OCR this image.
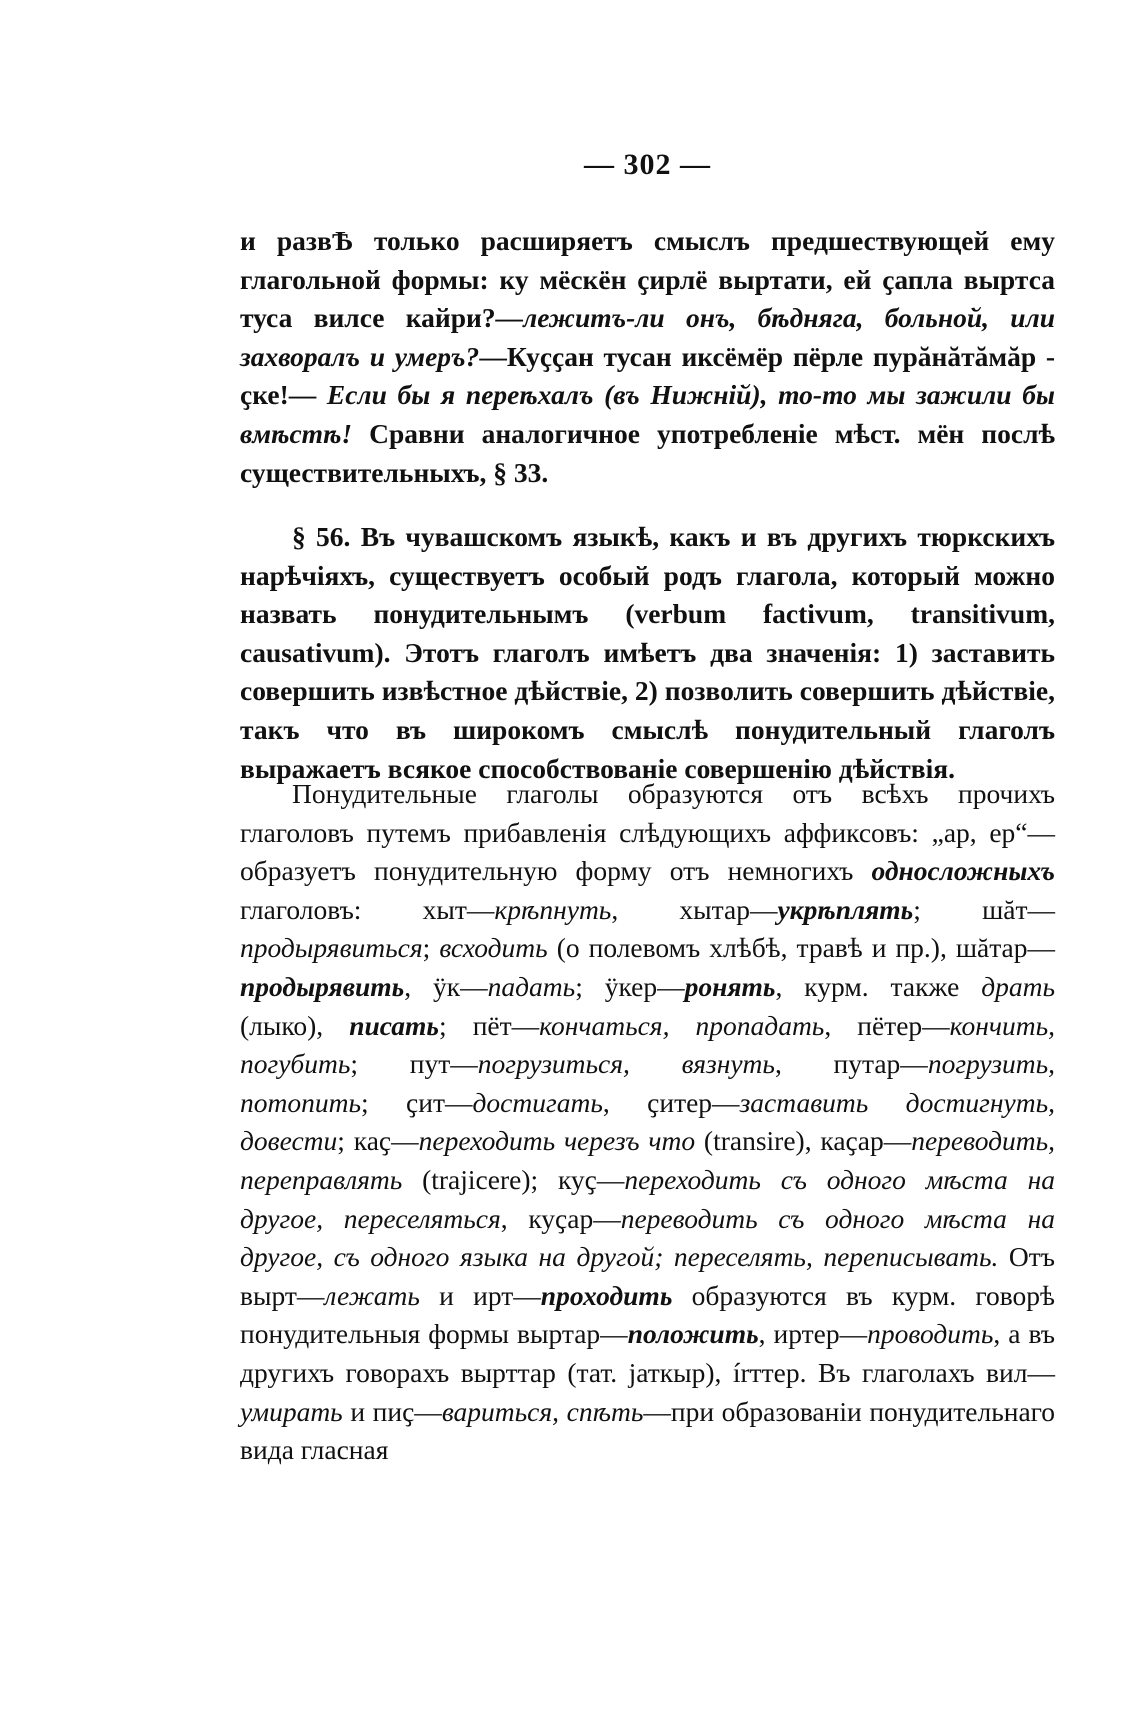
— 302 —

и развѢ только расширяетъ смыслъ предшествующей ему глагольной формы: ку мёскён ҫирлё выртати, ей ҫапла выртса туса вилсе кайри?—лежитъ-ли онъ, бѣдняга, больной, или захворалъ и умеръ?—Куҫҫан тусан иксёмёр пёрле пурăнăтăмăр - ҫке!— Если бы я переѣхалъ (въ Нижній), то-то мы зажили бы вмѣстѣ! Сравни аналогичное употребленіе мѣст. мён послѣ существительныхъ, § 33.

§ 56. Въ чувашскомъ языкѣ, какъ и въ другихъ тюркскихъ нарѣчіяхъ, существуетъ особый родъ глагола, который можно назвать понудительнымъ (verbum factivum, transitivum, causativum). Этотъ глаголъ имѣетъ два значенія: 1) заставить совершить извѣстное дѣйствіе, 2) позволить совершить дѣйствіе, такъ что въ широкомъ смыслѣ понудительный глаголъ выражаетъ всякое способствованіе совершенію дѣйствія.

Понудительные глаголы образуются отъ всѣхъ прочихъ глаголовъ путемъ прибавленія слѣдующихъ аффиксовъ: „ар, ер“—образуетъ понудительную форму отъ немногихъ односложныхъ глаголовъ: хыт—крѣпнуть, хытар—укрѣплять; шăт—продырявиться; всходить (о полевомъ хлѣбѣ, травѣ и пр.), шăтар—продырявить, ÿк—падать; ÿкер—ронять, курм. также драть (лыко), писать; пёт—кончаться, пропадать, пётер—кончить, погубить; пут—погрузиться, вязнуть, путар—погрузить, потопить; ҫит—достигать, ҫитер—заставить достигнуть, довести; каҫ—переходить черезъ что (transire), каҫар—переводить, переправлять (trajicere); куҫ—переходить съ одного мѣста на другое, переселяться, куҫар—переводить съ одного мѣста на другое, съ одного языка на другой; переселять, переписывать. Отъ вырт—лежать и ирт—проходить образуются въ курм. говорѣ понудительныя формы выртар—положить, иртер—проводить, а въ другихъ говорахъ вырттар (тат. јаткыр), írттер. Въ глаголахъ вил—умирать и пиҫ—вариться, спѣть—при образованіи понудительнаго вида гласная
